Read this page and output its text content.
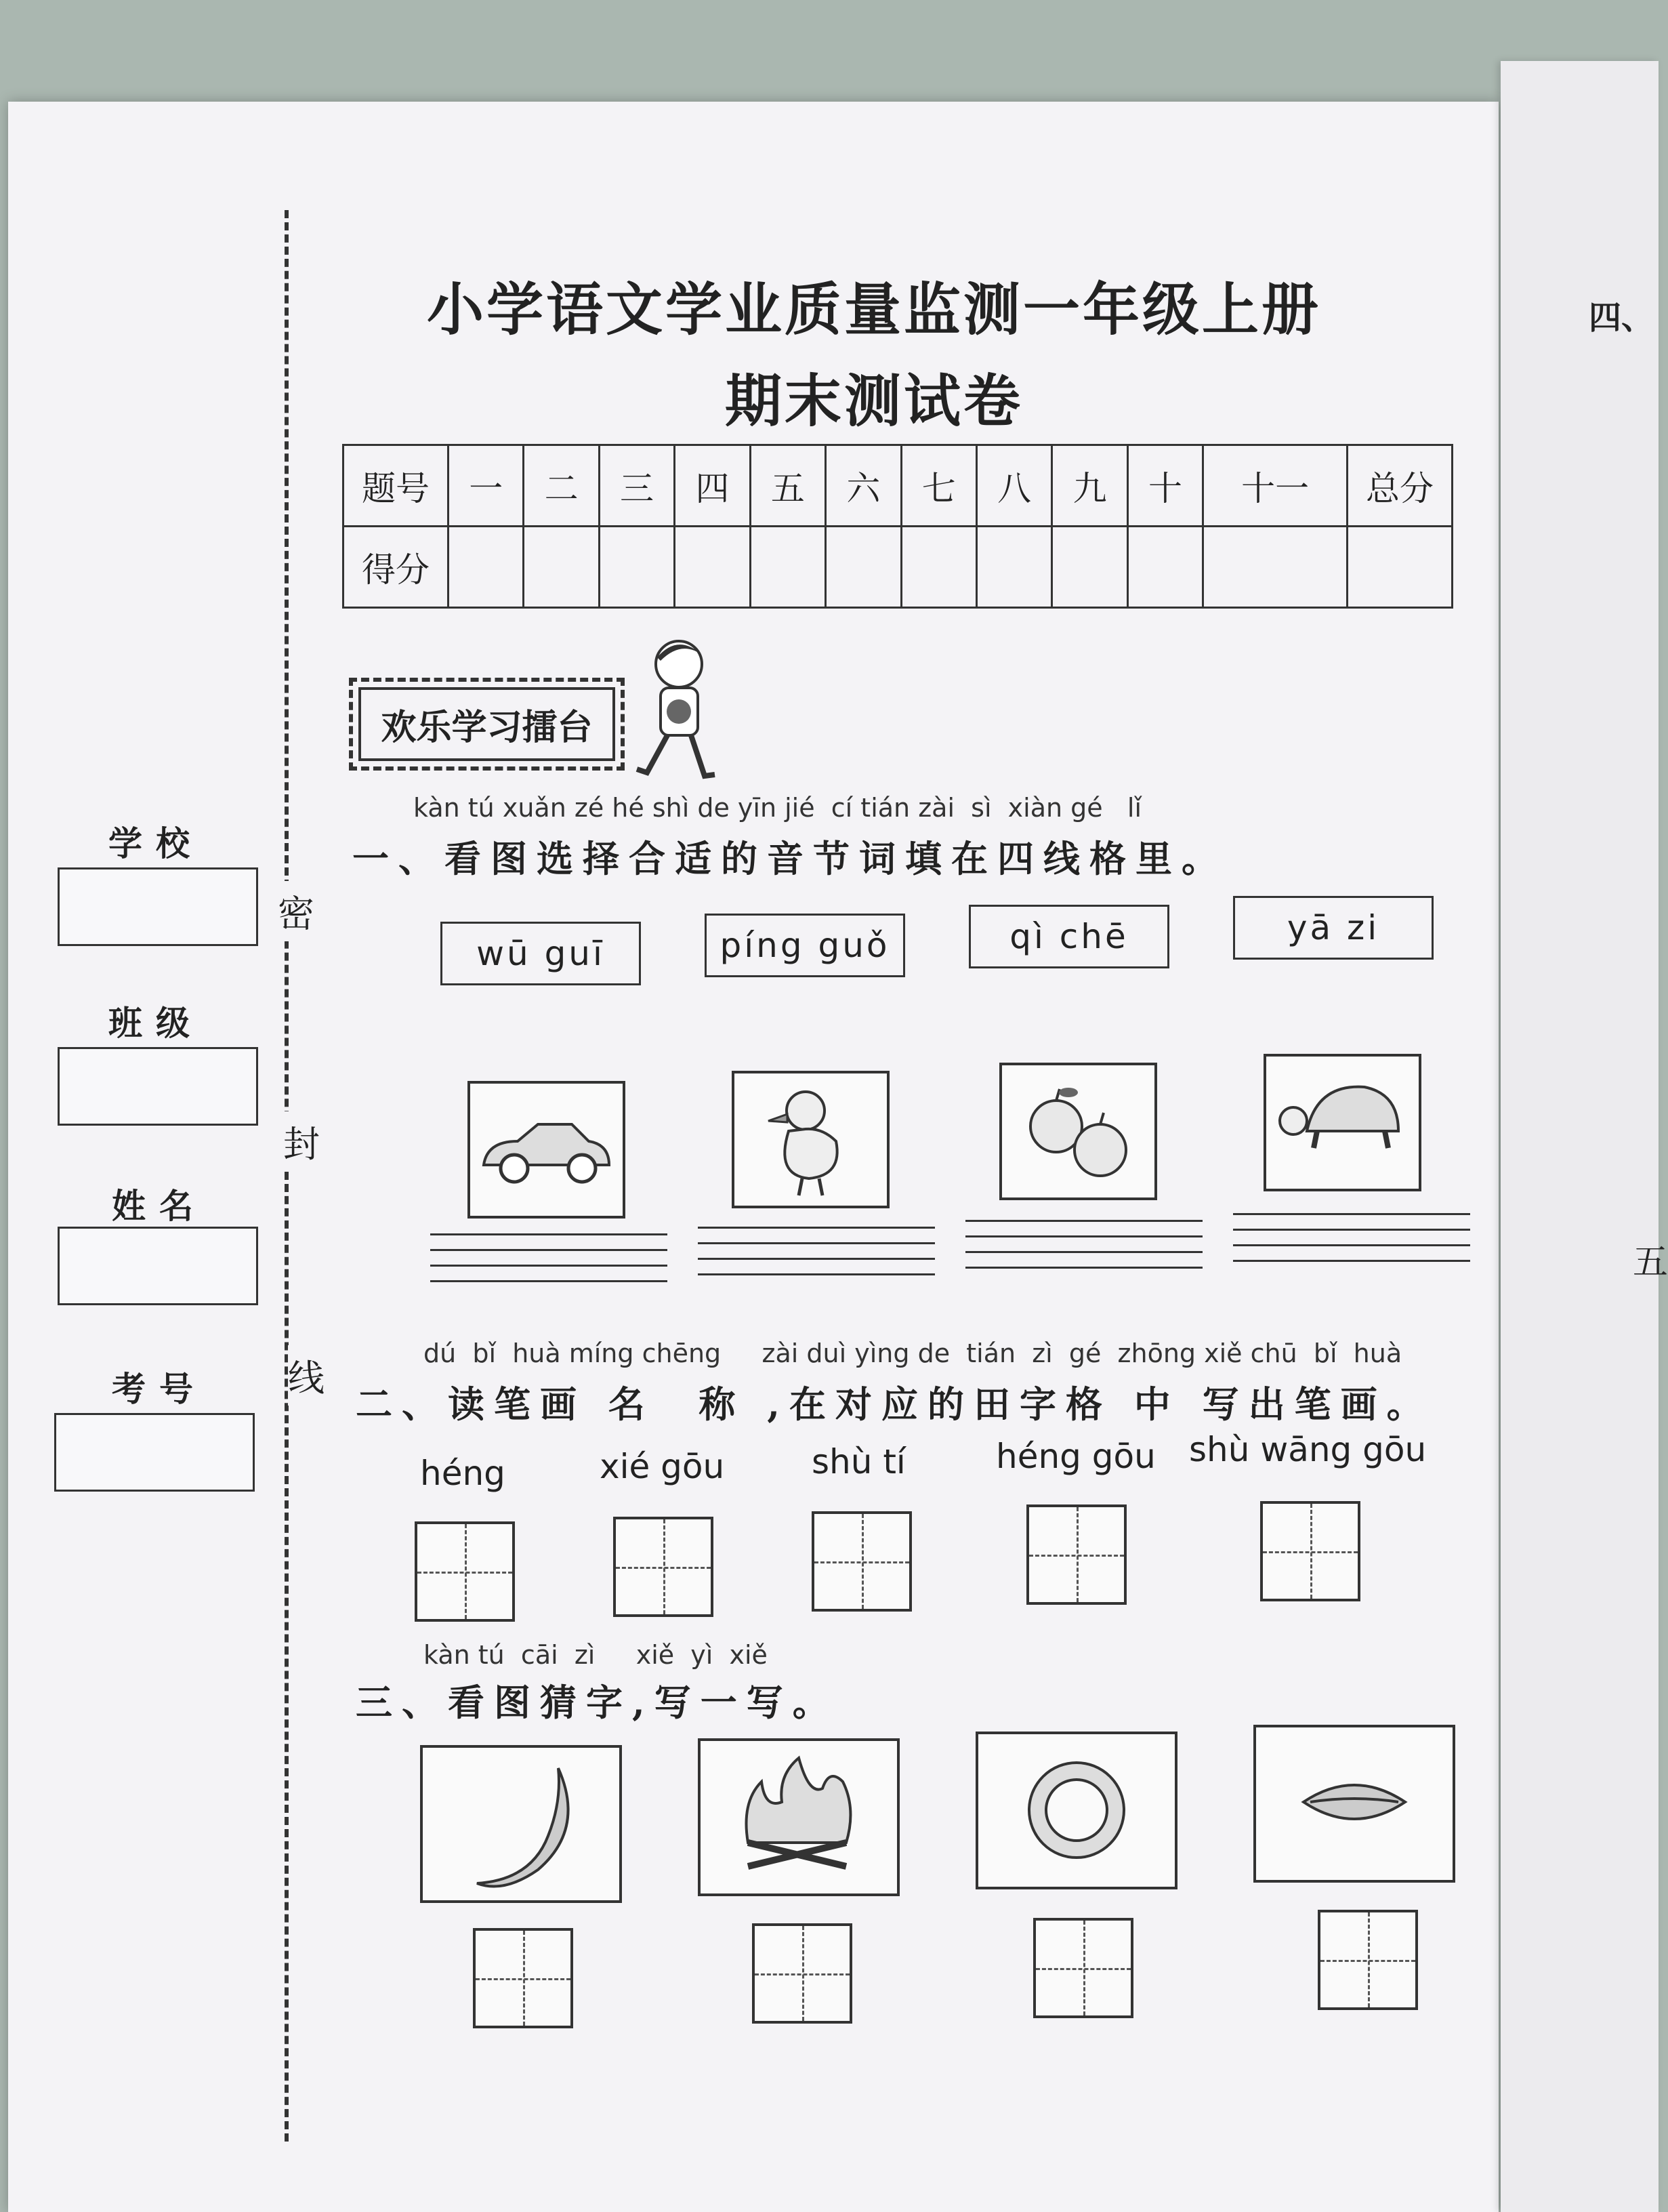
四、
五
小学语文学业质量监测一年级上册
期末测试卷
题号	一	二	三	四	五	六	七	八	九	十	十一	总分
得分												
密
封
线
学校
班级
姓名
考号
欢乐学习擂台
kàn tú xuǎn zé hé shì de yīn jié  cí tián zài  sì  xiàn gé   lǐ
一、看图选择合适的音节词填在四线格里。
wū guī	píng guǒ	qì chē	yā zi
dú  bǐ  huà míng chēng     zài duì yìng de  tián  zì  gé  zhōng xiě chū  bǐ  huà
二、读笔画 名  称 ,在对应的田字格 中 写出笔画。
héng	xié gōu	shù tí	héng gōu shù wāng gōu
kàn tú  cāi  zì     xiě  yì  xiě
三、看图猜字,写一写。
